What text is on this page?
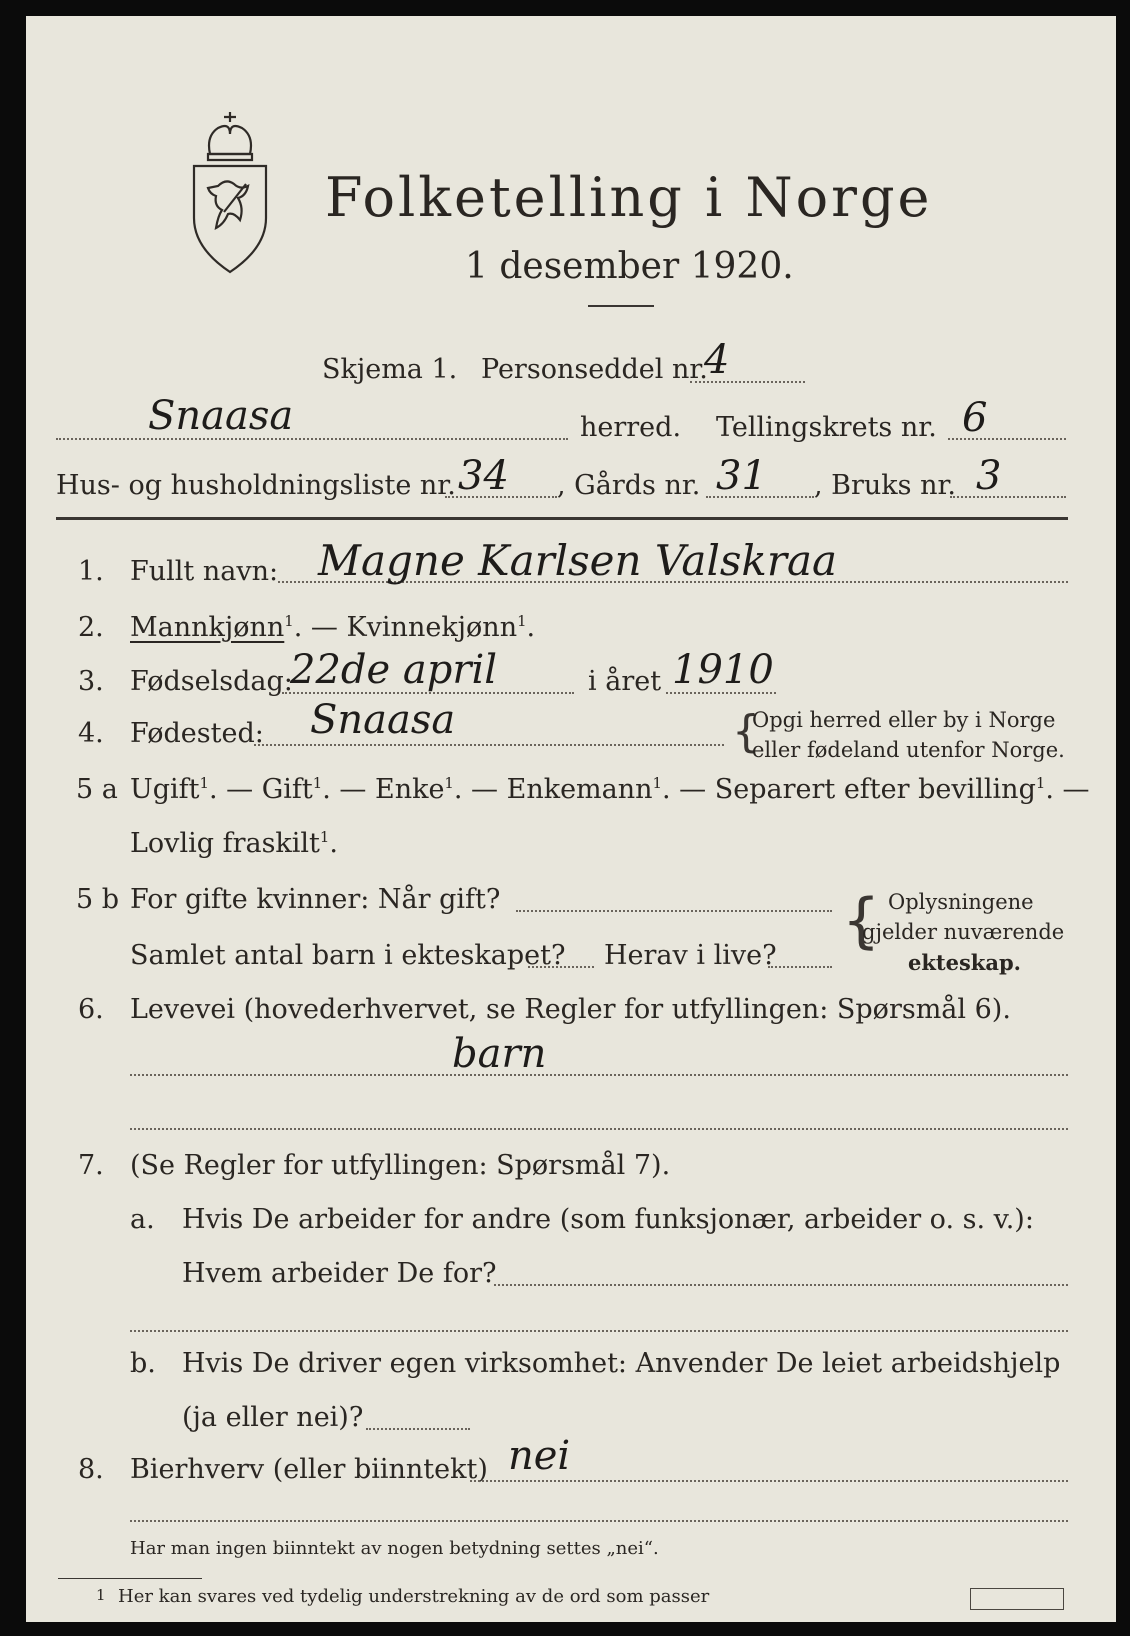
Folketelling i Norge
1 desember 1920.
Skjema 1. Personseddel nr.
4
Snaasa	herred. Tellingskrets nr. 6
Hus- og husholdningsliste nr. 34 , Gårds nr. 31 , Bruks nr. 3
1. Fullt navn: Magne Karlsen Valskraa
2. Mannkjønn$^1$. — Kvinnekjønn$^1$.
3. Fødselsdag:
22de april	i året 1910
4. Fødested: Snaasa	{
Opgi herred eller by i Norge
eller fødeland utenfor Norge.
5 a Ugift$^1$. — Gift$^1$. — Enke$^1$. — Enkemann$^1$. — Separert efter bevilling$^1$. —
Lovlig fraskilt$^1$.
5 b For gifte kvinner: Når gift?
Samlet antal barn i ekteskapet? Herav i live? { Oplysningene
gjelder nuværende
ekteskap.
6. Levevei (hovederhvervet, se Regler for utfyllingen: Spørsmål 6).
barn
7. (Se Regler for utfyllingen: Spørsmål 7).
a. Hvis De arbeider for andre (som funksjonær, arbeider o. s. v.):
Hvem arbeider De for?
b. Hvis De driver egen virksomhet: Anvender De leiet arbeidshjelp
(ja eller nei)?
8. Bierhverv (eller biinntekt) nei
Har man ingen biinntekt av nogen betydning settes „nei“.
1 Her kan svares ved tydelig understrekning av de ord som passer
